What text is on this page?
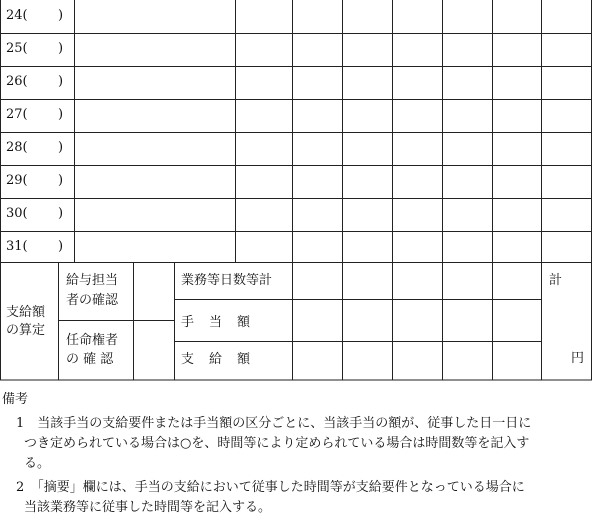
24( )
25( )
26( )
27( )
28( )
29( )
30( )
31( )
支給額
の算定
給与担当
者の確認
任命権者
の 確 認
業務等日数等計
手　当　額
支　給　額
計
円
備考
1　当該手当の支給要件または手当額の区分ごとに、当該手当の額が、従事した日一日に
つき定められている場合は○を、時間等により定められている場合は時間数等を記入す
る。
2　「摘要」欄には、手当の支給において従事した時間等が支給要件となっている場合に
当該業務等に従事した時間等を記入する。
